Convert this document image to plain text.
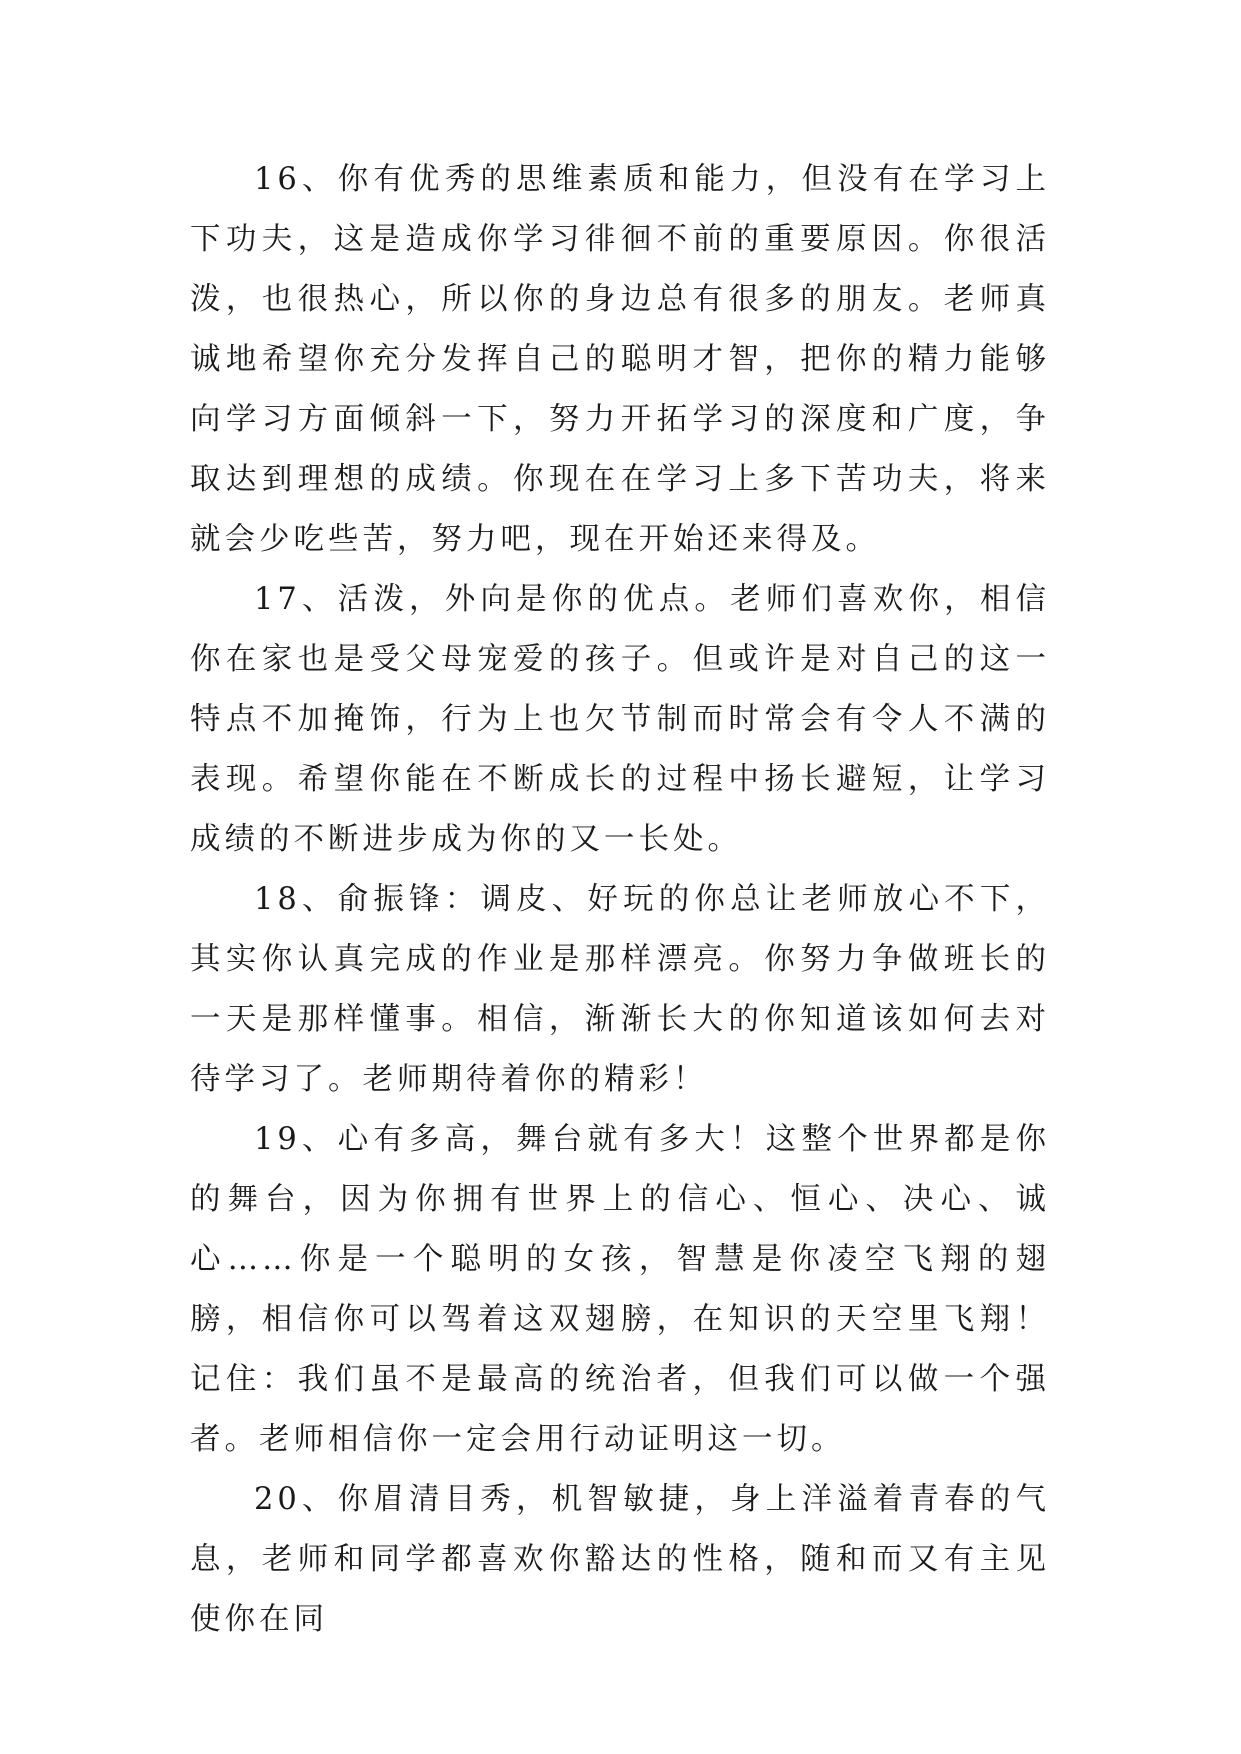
16、你有优秀的思维素质和能力，但没有在学习上下功夫，这是造成你学习徘徊不前的重要原因。你很活泼，也很热心，所以你的身边总有很多的朋友。老师真诚地希望你充分发挥自己的聪明才智，把你的精力能够向学习方面倾斜一下，努力开拓学习的深度和广度，争取达到理想的成绩。你现在在学习上多下苦功夫，将来就会少吃些苦，努力吧，现在开始还来得及。

17、活泼，外向是你的优点。老师们喜欢你，相信你在家也是受父母宠爱的孩子。但或许是对自己的这一特点不加掩饰，行为上也欠节制而时常会有令人不满的表现。希望你能在不断成长的过程中扬长避短，让学习成绩的不断进步成为你的又一长处。

18、俞振锋：调皮、好玩的你总让老师放心不下，其实你认真完成的作业是那样漂亮。你努力争做班长的一天是那样懂事。相信，渐渐长大的你知道该如何去对待学习了。老师期待着你的精彩！

19、心有多高，舞台就有多大！这整个世界都是你的舞台，因为你拥有世界上的信心、恒心、决心、诚心……你是一个聪明的女孩，智慧是你凌空飞翔的翅膀，相信你可以驾着这双翅膀，在知识的天空里飞翔！记住：我们虽不是最高的统治者，但我们可以做一个强者。老师相信你一定会用行动证明这一切。

20、你眉清目秀，机智敏捷，身上洋溢着青春的气息，老师和同学都喜欢你豁达的性格，随和而又有主见使你在同
